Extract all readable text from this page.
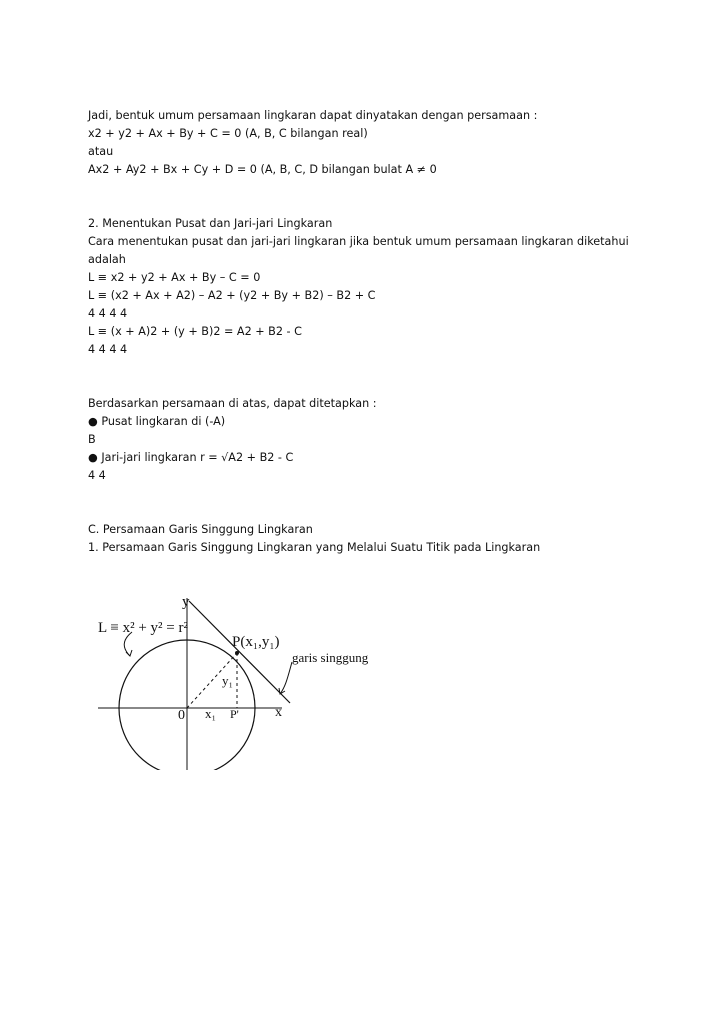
Jadi, bentuk umum persamaan lingkaran dapat dinyatakan dengan persamaan :
x2 + y2 + Ax + By + C = 0 (A, B, C bilangan real)
atau
Ax2 + Ay2 + Bx + Cy + D = 0 (A, B, C, D bilangan bulat A ≠ 0
2. Menentukan Pusat dan Jari-jari Lingkaran
Cara menentukan pusat dan jari-jari lingkaran jika bentuk umum persamaan lingkaran diketahui
adalah
L ≡ x2 + y2 + Ax + By – C = 0
L ≡ (x2 + Ax + A2) – A2 + (y2 + By + B2) – B2 + C
4 4 4 4
L ≡ (x + A)2 + (y + B)2 = A2 + B2 - C
4 4 4 4
Berdasarkan persamaan di atas, dapat ditetapkan :
● Pusat lingkaran di (-A)
B
● Jari-jari lingkaran r = √A2 + B2 - C
4 4
C. Persamaan Garis Singgung Lingkaran
1. Persamaan Garis Singgung Lingkaran yang Melalui Suatu Titik pada Lingkaran
L ≡ x² + y² = r²
y
x
0
P(x₁,y₁)
garis singgung
y₁
x₁ P'
